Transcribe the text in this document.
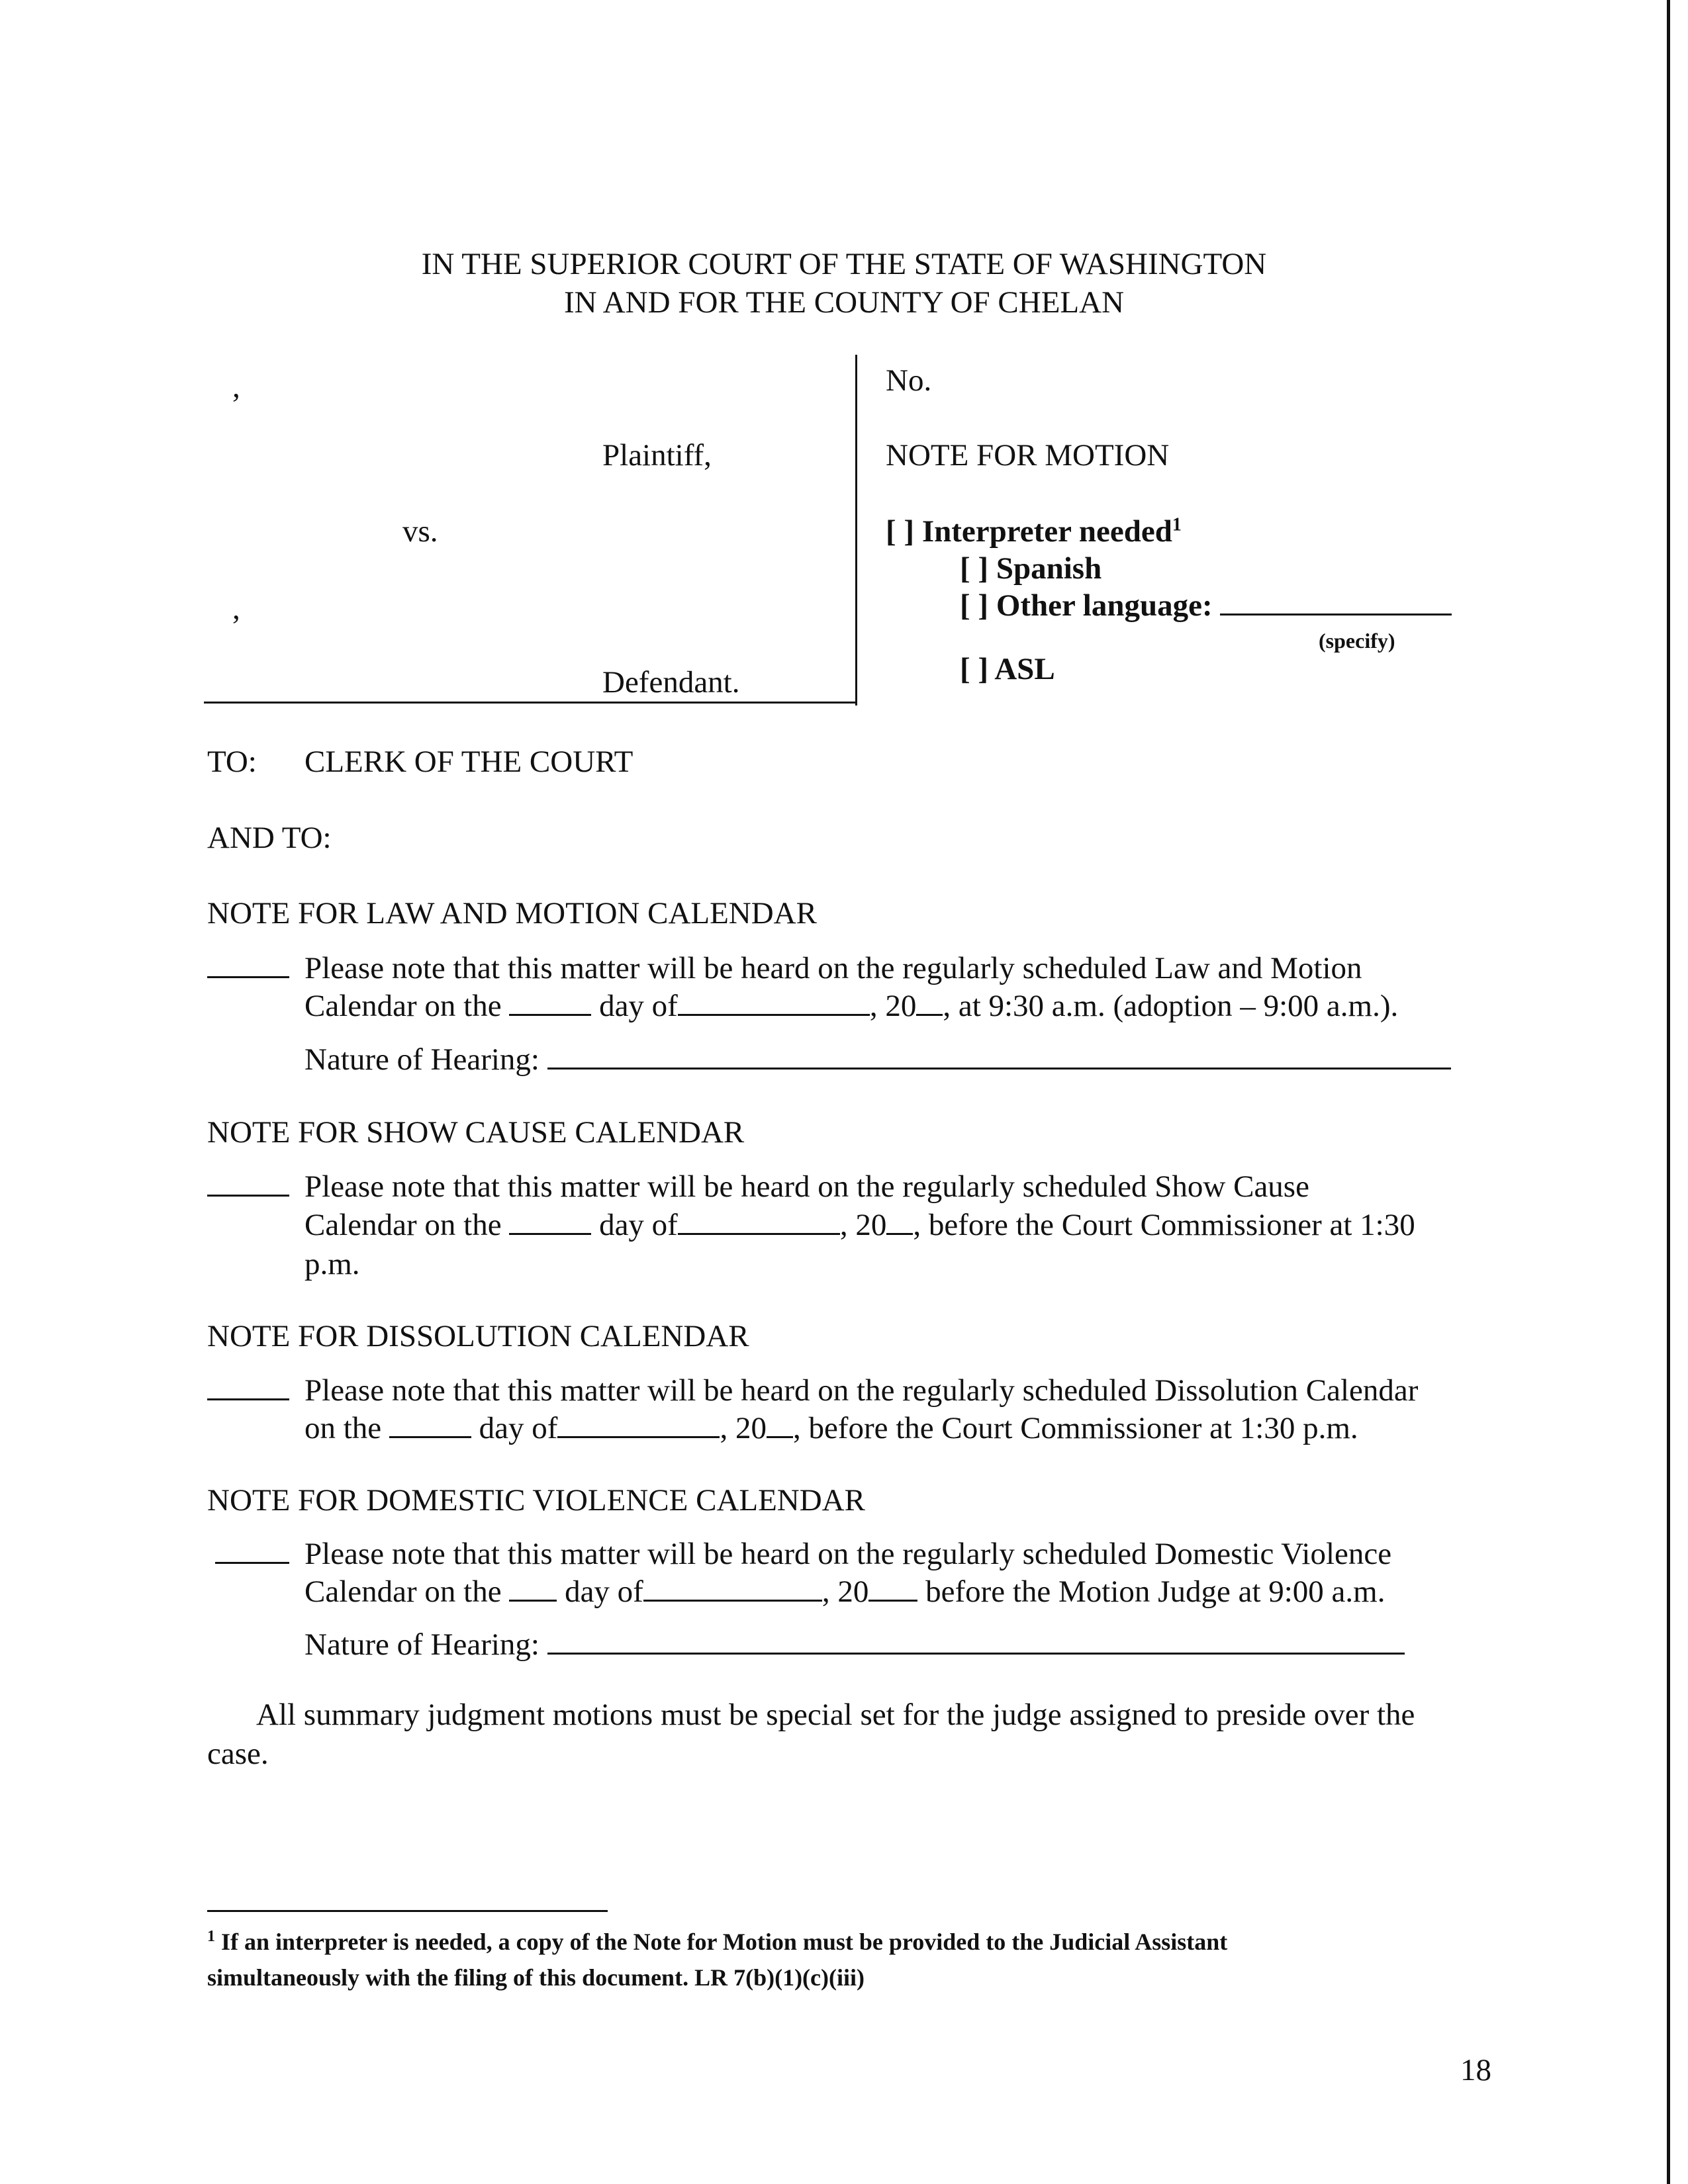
IN THE SUPERIOR COURT OF THE STATE OF WASHINGTON
IN AND FOR THE COUNTY OF CHELAN
,
Plaintiff,
vs.
,
Defendant.
No.
NOTE FOR MOTION
[ ] Interpreter needed$^1$
[ ] Spanish
[ ] Other language:
(specify)
[ ] ASL
TO: CLERK OF THE COURT
AND TO:
NOTE FOR LAW AND MOTION CALENDAR
Please note that this matter will be heard on the regularly scheduled Law and Motion
Calendar on the	day of	, 20 , at 9:30 a.m. (adoption – 9:00 a.m.).
Nature of Hearing:
NOTE FOR SHOW CAUSE CALENDAR
Please note that this matter will be heard on the regularly scheduled Show Cause
Calendar on the	day of	, 20 , before the Court Commissioner at 1:30
p.m.
NOTE FOR DISSOLUTION CALENDAR
Please note that this matter will be heard on the regularly scheduled Dissolution Calendar
on the	day of	, 20 , before the Court Commissioner at 1:30 p.m.
NOTE FOR DOMESTIC VIOLENCE CALENDAR
Please note that this matter will be heard on the regularly scheduled Domestic Violence
Calendar on the day of	, 20 before the Motion Judge at 9:00 a.m.
Nature of Hearing:
All summary judgment motions must be special set for the judge assigned to preside over the
case.
$^1$ If an interpreter is needed, a copy of the Note for Motion must be provided to the Judicial Assistant
simultaneously with the filing of this document. LR 7(b)(1)(c)(iii)
18
